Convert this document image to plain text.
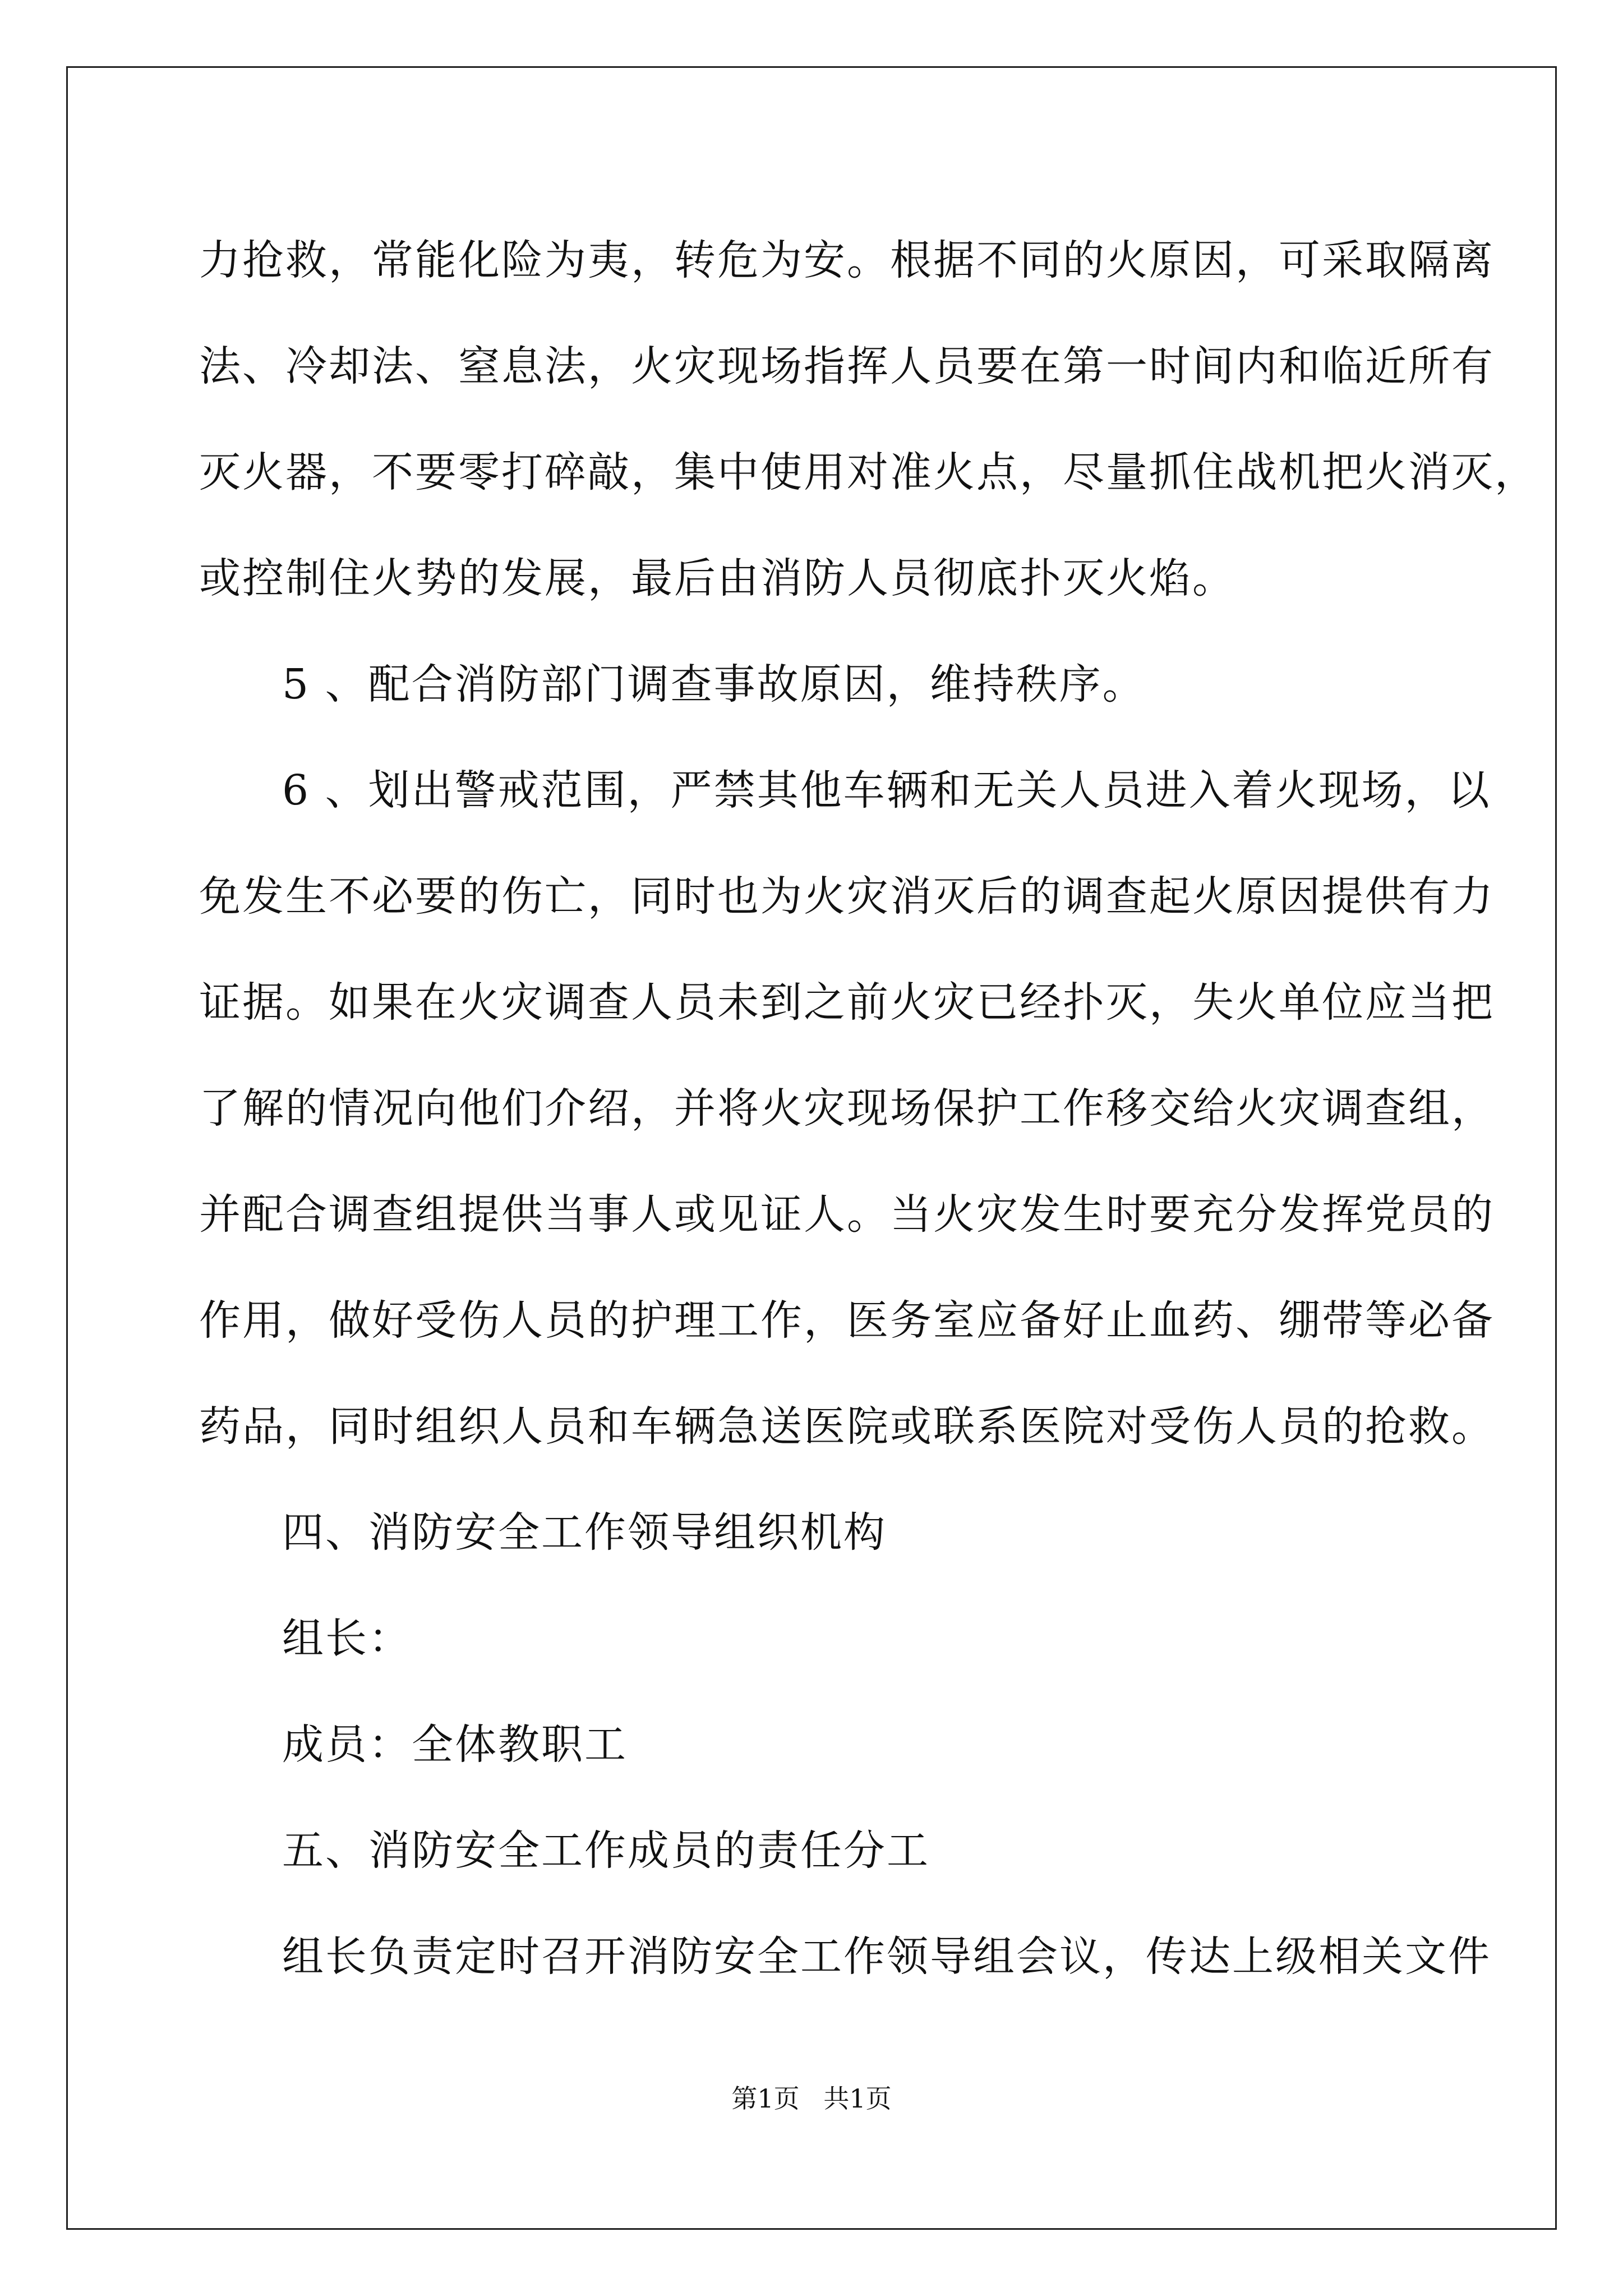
力抢救，常能化险为夷，转危为安。根据不同的火原因，可采取隔离
法、冷却法、窒息法，火灾现场指挥人员要在第一时间内和临近所有
灭火器，不要零打碎敲，集中使用对准火点，尽量抓住战机把火消灭，
或控制住火势的发展，最后由消防人员彻底扑灭火焰。
5 、配合消防部门调查事故原因，维持秩序。
6 、划出警戒范围，严禁其他车辆和无关人员进入着火现场，以
免发生不必要的伤亡，同时也为火灾消灭后的调查起火原因提供有力
证据。如果在火灾调查人员未到之前火灾已经扑灭，失火单位应当把
了解的情况向他们介绍，并将火灾现场保护工作移交给火灾调查组，
并配合调查组提供当事人或见证人。当火灾发生时要充分发挥党员的
作用，做好受伤人员的护理工作，医务室应备好止血药、绷带等必备
药品，同时组织人员和车辆急送医院或联系医院对受伤人员的抢救。
四、消防安全工作领导组织机构
组长：
成员：全体教职工
五、消防安全工作成员的责任分工
组长负责定时召开消防安全工作领导组会议，传达上级相关文件
第1页 共1页
